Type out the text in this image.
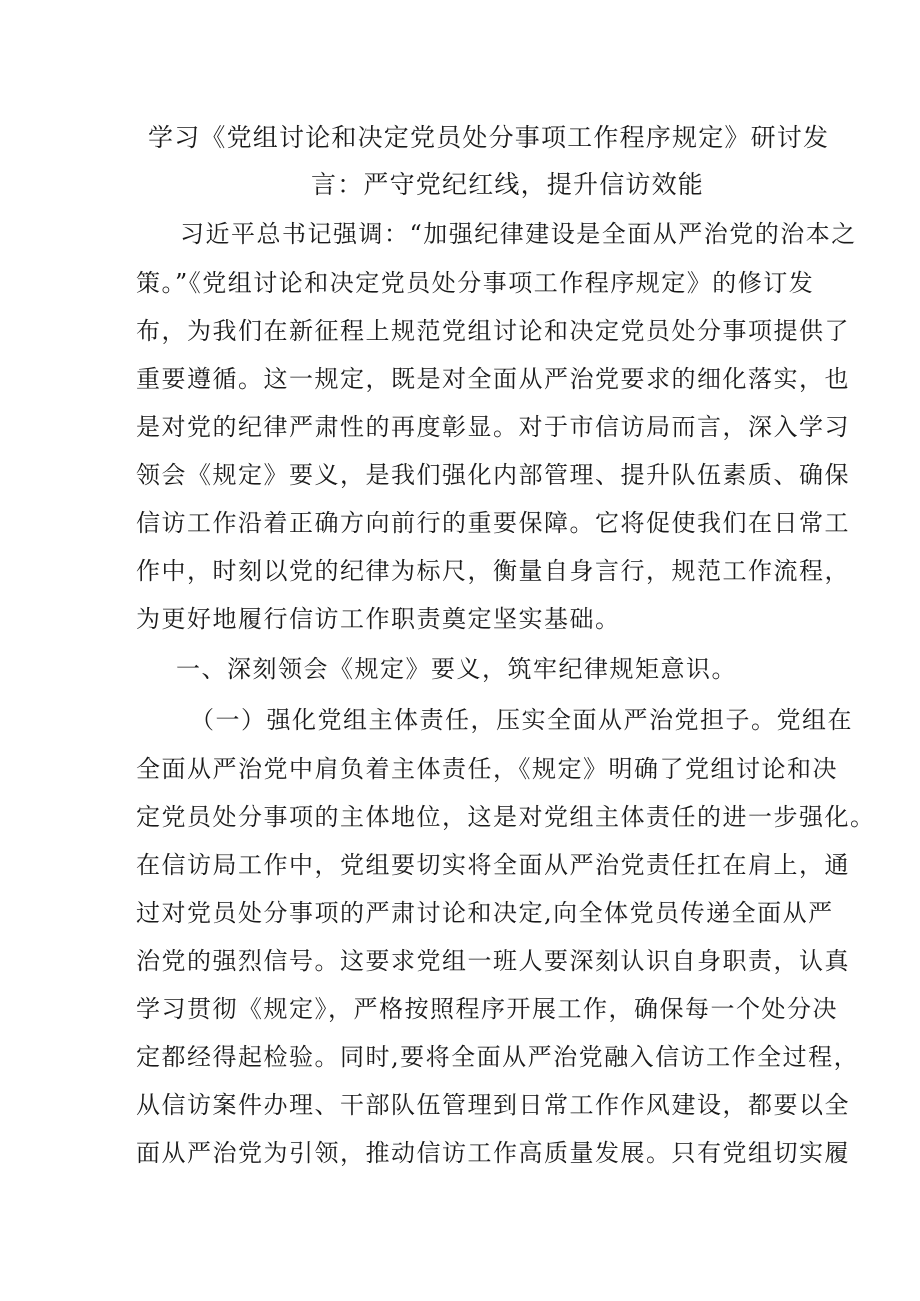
学习《党组讨论和决定党员处分事项工作程序规定》研讨发
言：严守党纪红线，提升信访效能
习近平总书记强调：“加强纪律建设是全面从严治党的治本之
策。”《党组讨论和决定党员处分事项工作程序规定》的修订发
布，为我们在新征程上规范党组讨论和决定党员处分事项提供了
重要遵循。这一规定，既是对全面从严治党要求的细化落实，也
是对党的纪律严肃性的再度彰显。对于市信访局而言，深入学习
领会《规定》要义，是我们强化内部管理、提升队伍素质、确保
信访工作沿着正确方向前行的重要保障。它将促使我们在日常工
作中，时刻以党的纪律为标尺，衡量自身言行，规范工作流程，
为更好地履行信访工作职责奠定坚实基础。
一、深刻领会《规定》要义，筑牢纪律规矩意识。
（一）强化党组主体责任，压实全面从严治党担子。党组在
全面从严治党中肩负着主体责任，《规定》明确了党组讨论和决
定党员处分事项的主体地位，这是对党组主体责任的进一步强化。
在信访局工作中，党组要切实将全面从严治党责任扛在肩上，通
过对党员处分事项的严肃讨论和决定,向全体党员传递全面从严
治党的强烈信号。这要求党组一班人要深刻认识自身职责，认真
学习贯彻《规定》，严格按照程序开展工作，确保每一个处分决
定都经得起检验。同时,要将全面从严治党融入信访工作全过程，
从信访案件办理、干部队伍管理到日常工作作风建设，都要以全
面从严治党为引领，推动信访工作高质量发展。只有党组切实履
